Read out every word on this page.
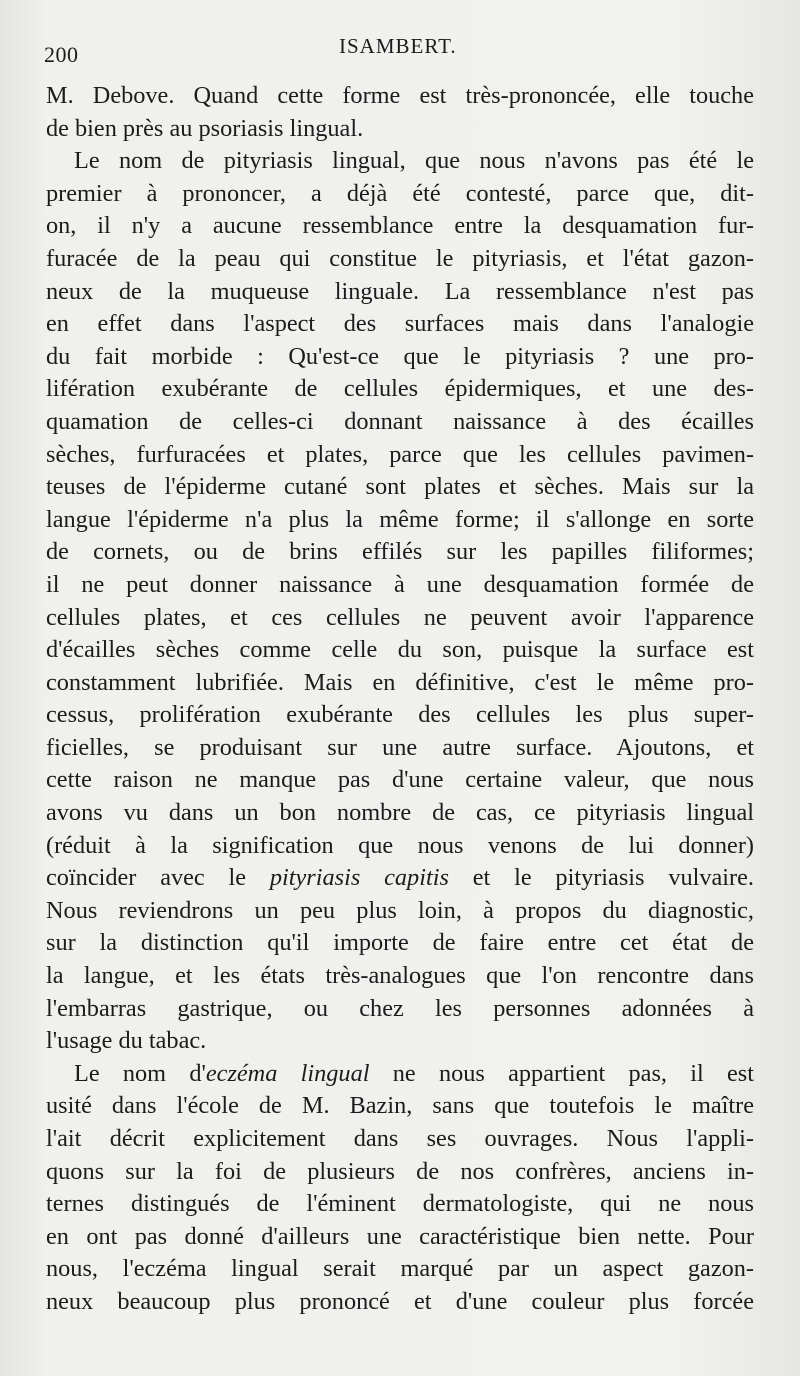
200	ISAMBERT.

M. Debove. Quand cette forme est très-prononcée, elle touche
de bien près au psoriasis lingual.

Le nom de pityriasis lingual, que nous n'avons pas été le
premier à prononcer, a déjà été contesté, parce que, dit-
on, il n'y a aucune ressemblance entre la desquamation fur-
furacée de la peau qui constitue le pityriasis, et l'état gazon-
neux de la muqueuse linguale. La ressemblance n'est pas
en effet dans l'aspect des surfaces mais dans l'analogie
du fait morbide : Qu'est-ce que le pityriasis ? une pro-
lifération exubérante de cellules épidermiques, et une des-
quamation de celles-ci donnant naissance à des écailles
sèches, furfuracées et plates, parce que les cellules pavimen-
teuses de l'épiderme cutané sont plates et sèches. Mais sur la
langue l'épiderme n'a plus la même forme; il s'allonge en sorte
de cornets, ou de brins effilés sur les papilles filiformes;
il ne peut donner naissance à une desquamation formée de
cellules plates, et ces cellules ne peuvent avoir l'apparence
d'écailles sèches comme celle du son, puisque la surface est
constamment lubrifiée. Mais en définitive, c'est le même pro-
cessus, prolifération exubérante des cellules les plus super-
ficielles, se produisant sur une autre surface. Ajoutons, et
cette raison ne manque pas d'une certaine valeur, que nous
avons vu dans un bon nombre de cas, ce pityriasis lingual
(réduit à la signification que nous venons de lui donner)
coïncider avec le pityriasis capitis et le pityriasis vulvaire.
Nous reviendrons un peu plus loin, à propos du diagnostic,
sur la distinction qu'il importe de faire entre cet état de
la langue, et les états très-analogues que l'on rencontre dans
l'embarras gastrique, ou chez les personnes adonnées à
l'usage du tabac.

Le nom d'eczéma lingual ne nous appartient pas, il est
usité dans l'école de M. Bazin, sans que toutefois le maître
l'ait décrit explicitement dans ses ouvrages. Nous l'appli-
quons sur la foi de plusieurs de nos confrères, anciens in-
ternes distingués de l'éminent dermatologiste, qui ne nous
en ont pas donné d'ailleurs une caractéristique bien nette. Pour
nous, l'eczéma lingual serait marqué par un aspect gazon-
neux beaucoup plus prononcé et d'une couleur plus forcée
